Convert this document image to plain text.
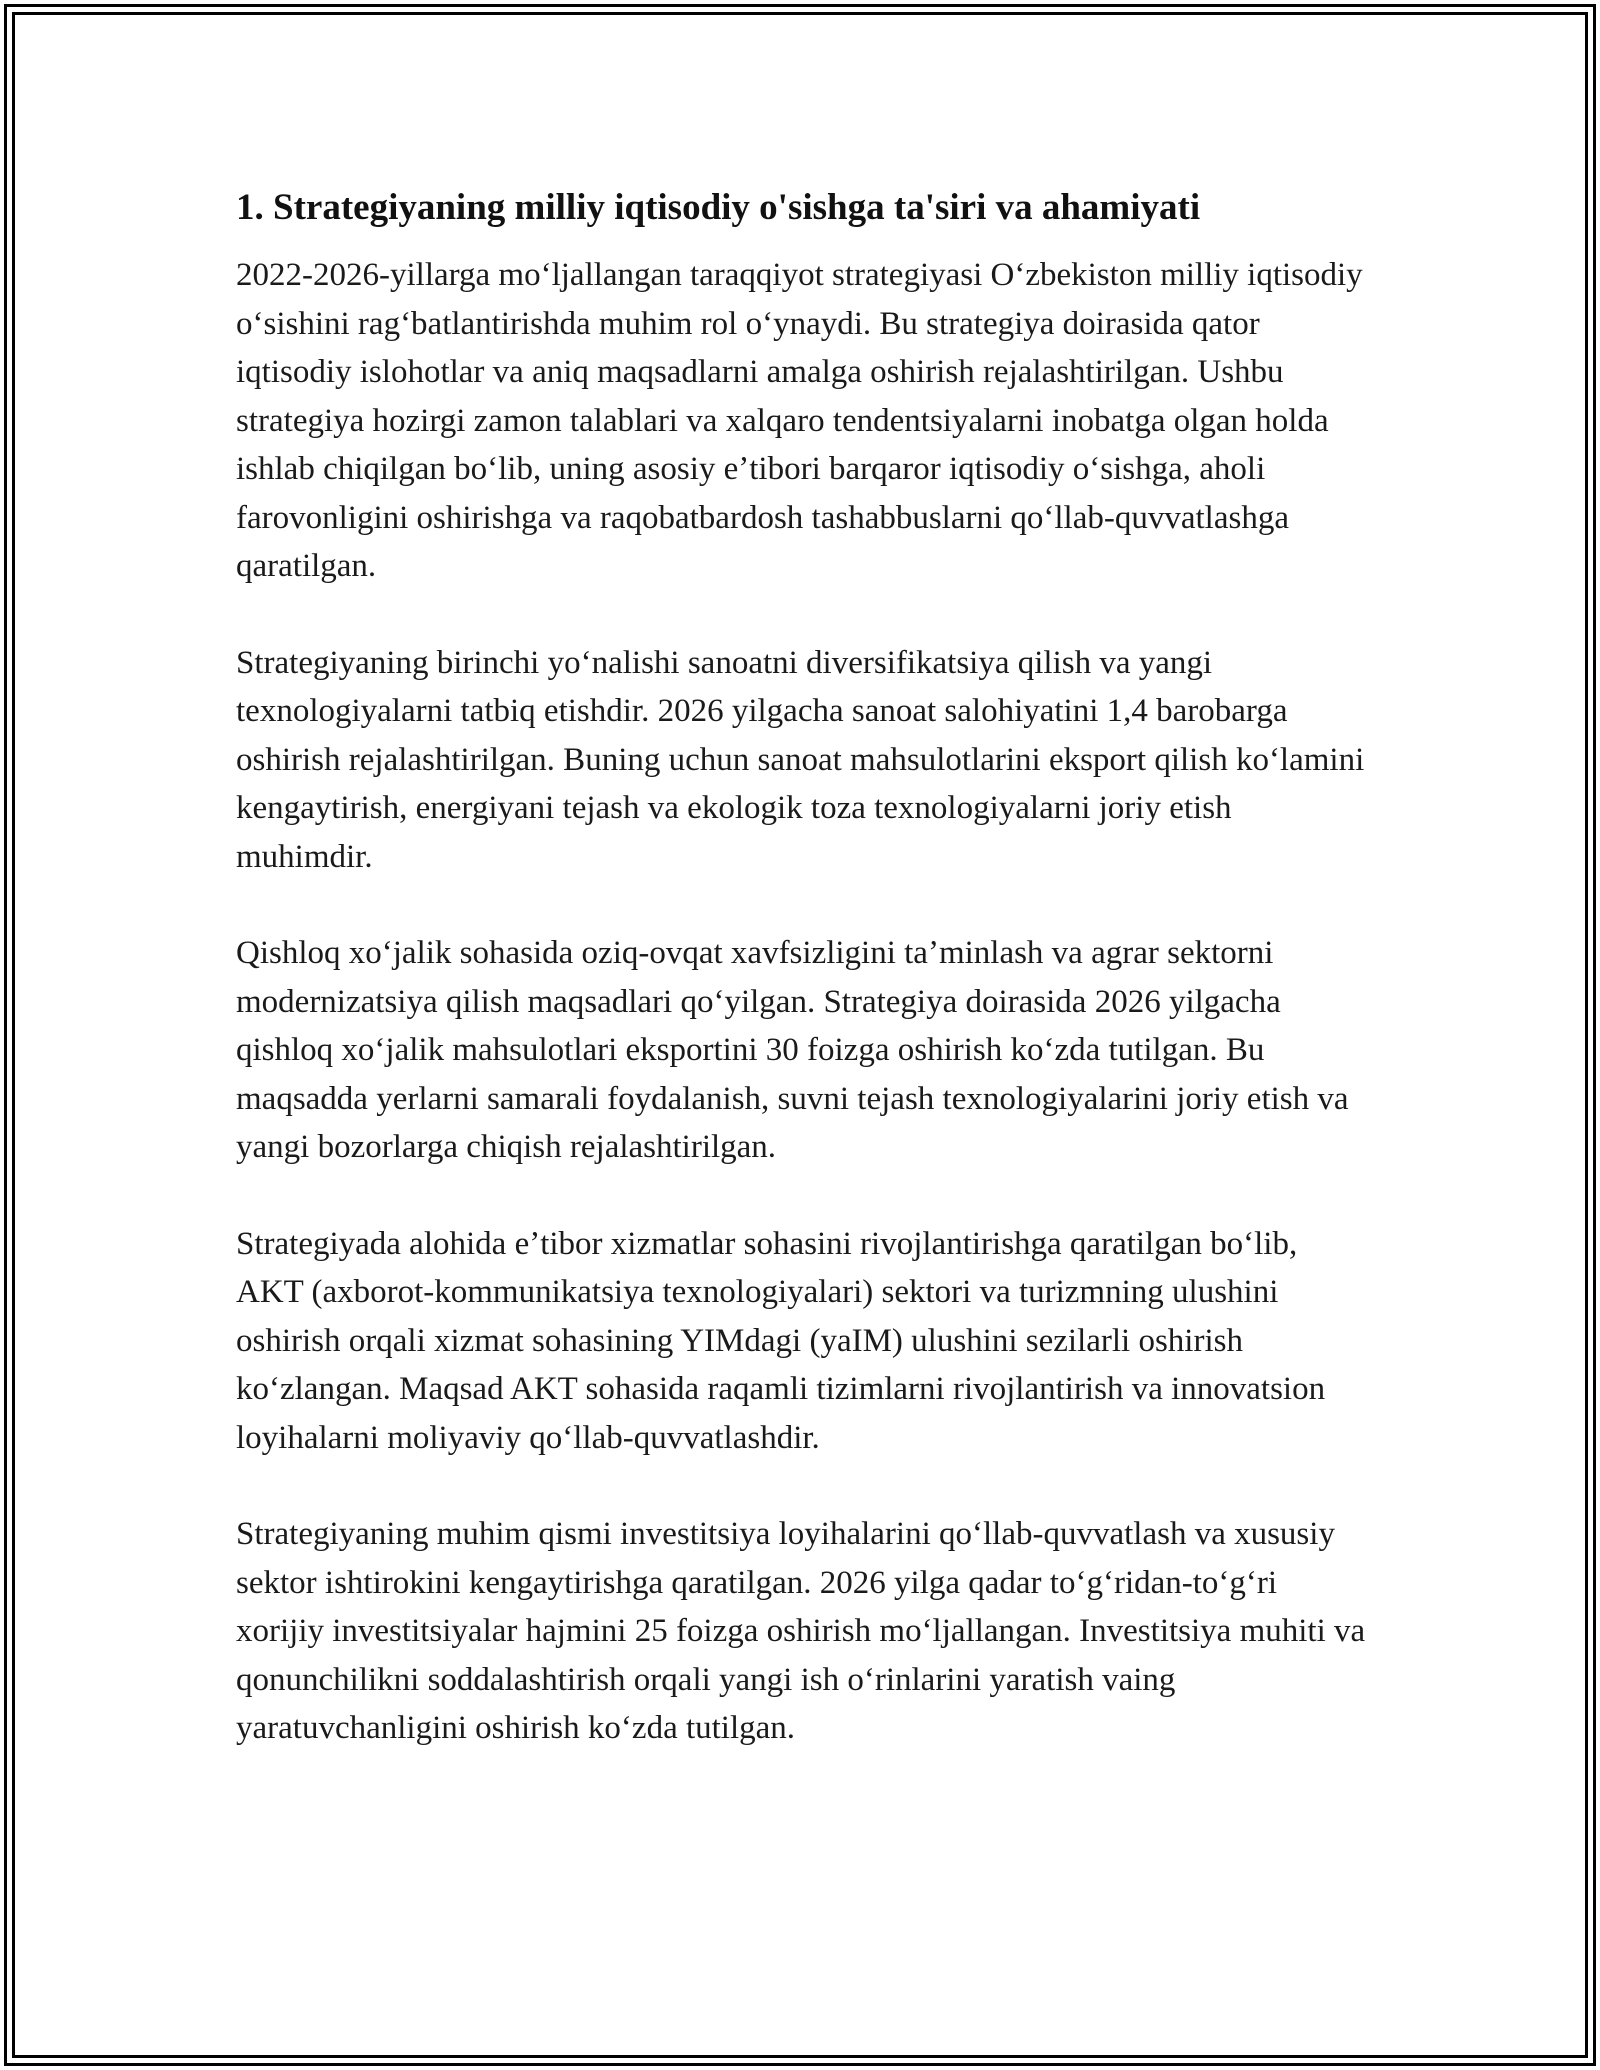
1. Strategiyaning milliy iqtisodiy o'sishga ta'siri va ahamiyati

2022-2026-yillarga moʻljallangan taraqqiyot strategiyasi Oʻzbekiston milliy iqtisodiy oʻsishini ragʻbatlantirishda muhim rol oʻynaydi. Bu strategiya doirasida qator iqtisodiy islohotlar va aniq maqsadlarni amalga oshirish rejalashtirilgan. Ushbu strategiya hozirgi zamon talablari va xalqaro tendentsiyalarni inobatga olgan holda ishlab chiqilgan boʻlib, uning asosiy eʼtibori barqaror iqtisodiy oʻsishga, aholi farovonligini oshirishga va raqobatbardosh tashabbuslarni qoʻllab-quvvatlashga qaratilgan.

Strategiyaning birinchi yoʻnalishi sanoatni diversifikatsiya qilish va yangi texnologiyalarni tatbiq etishdir. 2026 yilgacha sanoat salohiyatini 1,4 barobarga oshirish rejalashtirilgan. Buning uchun sanoat mahsulotlarini eksport qilish koʻlamini kengaytirish, energiyani tejash va ekologik toza texnologiyalarni joriy etish muhimdir.

Qishloq xoʻjalik sohasida oziq-ovqat xavfsizligini taʼminlash va agrar sektorni modernizatsiya qilish maqsadlari qoʻyilgan. Strategiya doirasida 2026 yilgacha qishloq xoʻjalik mahsulotlari eksportini 30 foizga oshirish koʻzda tutilgan. Bu maqsadda yerlarni samarali foydalanish, suvni tejash texnologiyalarini joriy etish va yangi bozorlarga chiqish rejalashtirilgan.

Strategiyada alohida eʼtibor xizmatlar sohasini rivojlantirishga qaratilgan boʻlib, AKT (axborot-kommunikatsiya texnologiyalari) sektori va turizmning ulushini oshirish orqali xizmat sohasining YIMdagi (yaIM) ulushini sezilarli oshirish koʻzlangan. Maqsad AKT sohasida raqamli tizimlarni rivojlantirish va innovatsion loyihalarni moliyaviy qoʻllab-quvvatlashdir.

Strategiyaning muhim qismi investitsiya loyihalarini qoʻllab-quvvatlash va xususiy sektor ishtirokini kengaytirishga qaratilgan. 2026 yilga qadar toʻgʻridan-toʻgʻri xorijiy investitsiyalar hajmini 25 foizga oshirish moʻljallangan. Investitsiya muhiti va qonunchilikni soddalashtirish orqali yangi ish oʻrinlarini yaratish vaing yaratuvchanligini oshirish koʻzda tutilgan.
